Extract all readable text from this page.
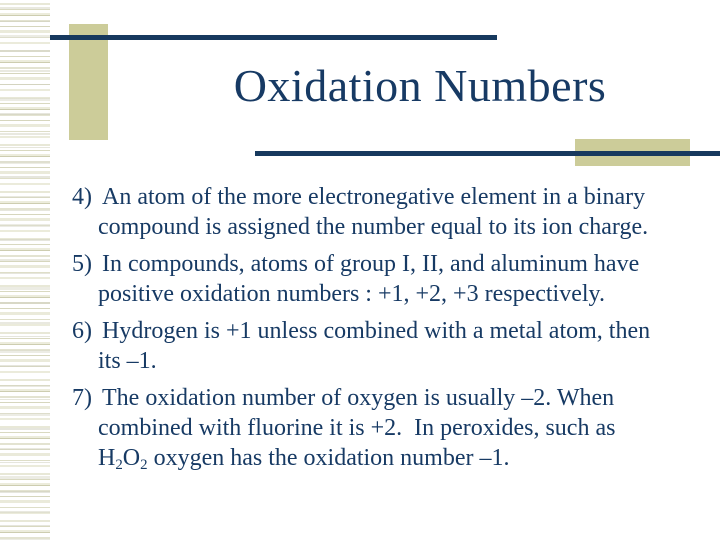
Oxidation Numbers
4) An atom of the more electronegative element in a binary
compound is assigned the number equal to its ion charge.
5) In compounds, atoms of group I, II, and aluminum have
positive oxidation numbers : +1, +2, +3 respectively.
6) Hydrogen is +1 unless combined with a metal atom, then
its –1.
7) The oxidation number of oxygen is usually –2. When
combined with fluorine it is +2.  In peroxides, such as
$H_2O_2$ oxygen has the oxidation number –1.
